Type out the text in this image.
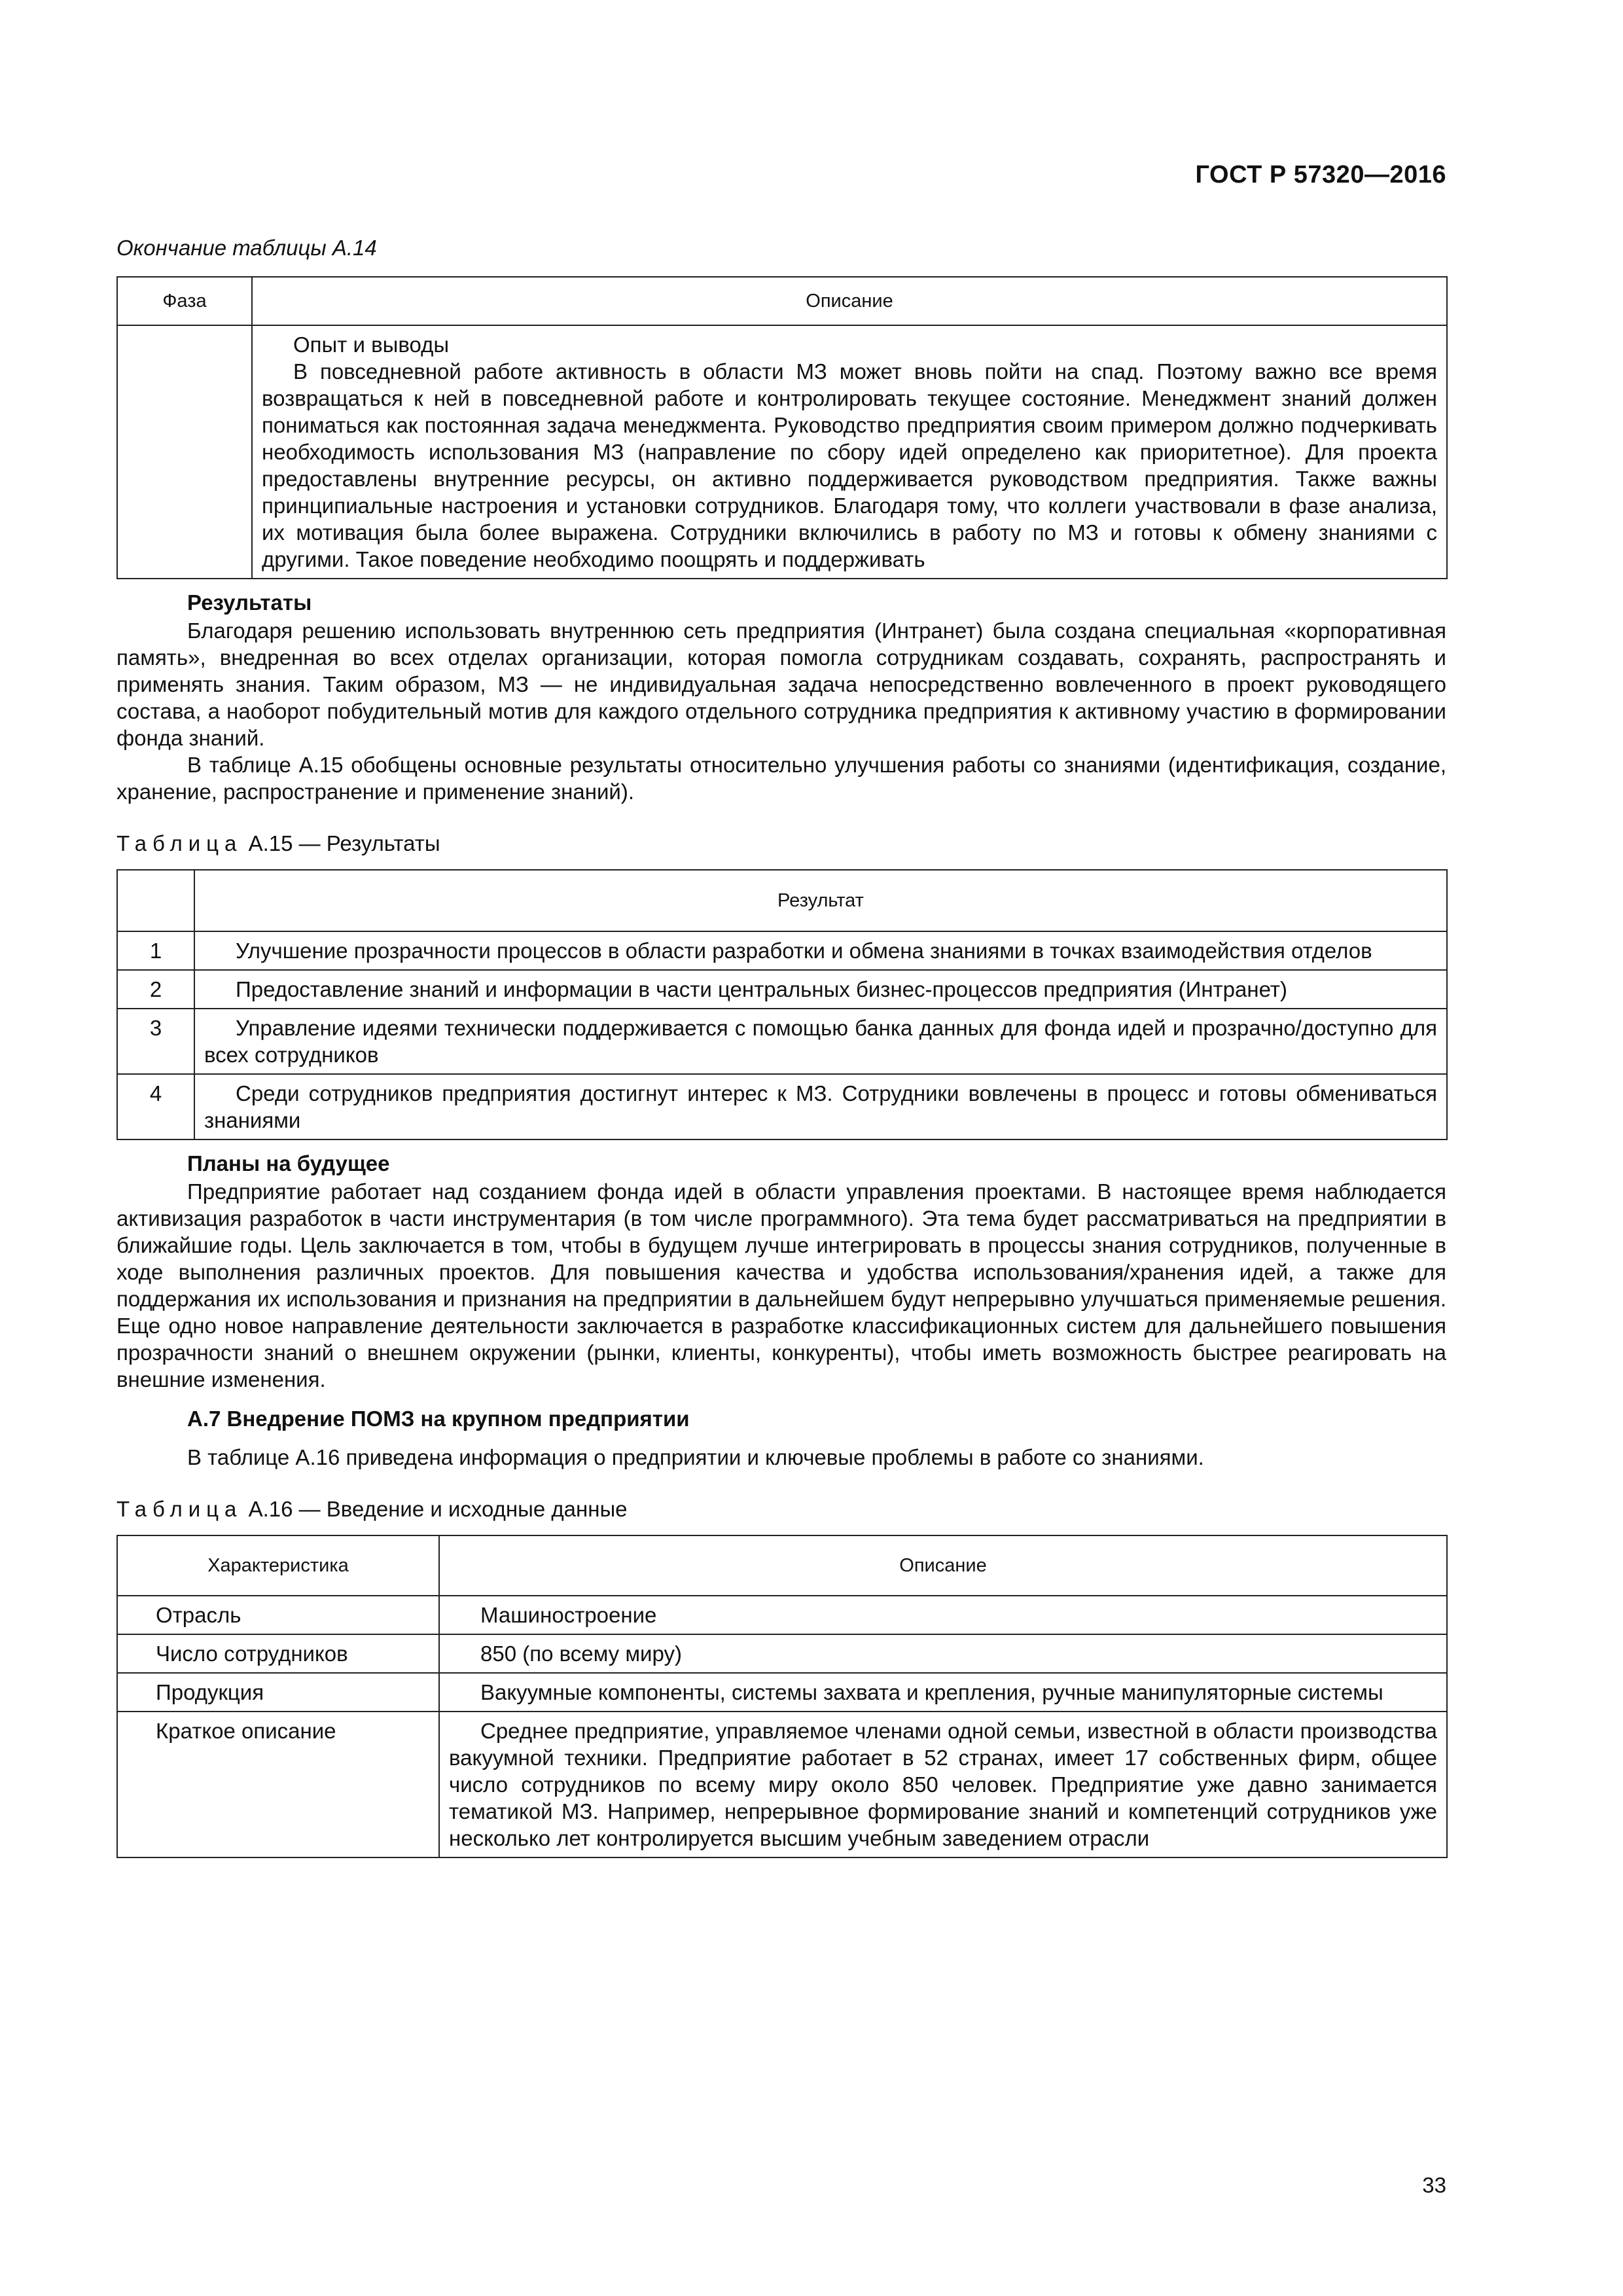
ГОСТ Р 57320—2016
Окончание таблицы А.14
Фаза	Описание

	Опыт и выводы
В повседневной работе активность в области МЗ может вновь пойти на спад. Поэтому важно все время возвращаться к ней в повседневной работе и контролировать текущее состояние. Менеджмент знаний должен пониматься как постоянная задача менеджмента. Руководство предприятия своим примером должно подчеркивать необходимость использования МЗ (направление по сбору идей определено как приоритетное). Для проекта предоставлены внутренние ресурсы, он активно поддерживается руководством предприятия. Также важны принципиальные настроения и установки сотрудников. Благодаря тому, что коллеги участвовали в фазе анализа, их мотивация была более выражена. Сотрудники включились в работу по МЗ и готовы к обмену знаниями с другими. Такое поведение необходимо поощрять и поддерживать
Результаты

Благодаря решению использовать внутреннюю сеть предприятия (Интранет) была создана специальная «корпоративная память», внедренная во всех отделах организации, которая помогла сотрудникам создавать, сохранять, распространять и применять знания. Таким образом, МЗ — не индивидуальная задача непосредственно вовлеченного в проект руководящего состава, а наоборот побудительный мотив для каждого отдельного сотрудника предприятия к активному участию в формировании фонда знаний.

В таблице А.15 обобщены основные результаты относительно улучшения работы со знаниями (идентификация, создание, хранение, распространение и применение знаний).

Таблица А.15 — Результаты
	Результат
1	Улучшение прозрачности процессов в области разработки и обмена знаниями в точках взаимодействия отделов
2	Предоставление знаний и информации в части центральных бизнес-процессов предприятия (Интранет)
3	Управление идеями технически поддерживается с помощью банка данных для фонда идей и прозрачно/доступно для всех сотрудников
4	Среди сотрудников предприятия достигнут интерес к МЗ. Сотрудники вовлечены в процесс и готовы обмениваться знаниями
Планы на будущее

Предприятие работает над созданием фонда идей в области управления проектами. В настоящее время наблюдается активизация разработок в части инструментария (в том числе программного). Эта тема будет рассматриваться на предприятии в ближайшие годы. Цель заключается в том, чтобы в будущем лучше интегрировать в процессы знания сотрудников, полученные в ходе выполнения различных проектов. Для повышения качества и удобства использования/хранения идей, а также для поддержания их использования и признания на предприятии в дальнейшем будут непрерывно улучшаться применяемые решения. Еще одно новое направление деятельности заключается в разработке классификационных систем для дальнейшего повышения прозрачности знаний о внешнем окружении (рынки, клиенты, конкуренты), чтобы иметь возможность быстрее реагировать на внешние изменения.

А.7 Внедрение ПОМЗ на крупном предприятии

В таблице А.16 приведена информация о предприятии и ключевые проблемы в работе со знаниями.

Таблица А.16 — Введение и исходные данные
Характеристика	Описание
Отрасль	Машиностроение
Число сотрудников	850 (по всему миру)
Продукция	Вакуумные компоненты, системы захвата и крепления, ручные манипуляторные системы
Краткое описание	Среднее предприятие, управляемое членами одной семьи, известной в области производства вакуумной техники. Предприятие работает в 52 странах, имеет 17 собственных фирм, общее число сотрудников по всему миру около 850 человек. Предприятие уже давно занимается тематикой МЗ. Например, непрерывное формирование знаний и компетенций сотрудников уже несколько лет контролируется высшим учебным заведением отрасли
33
